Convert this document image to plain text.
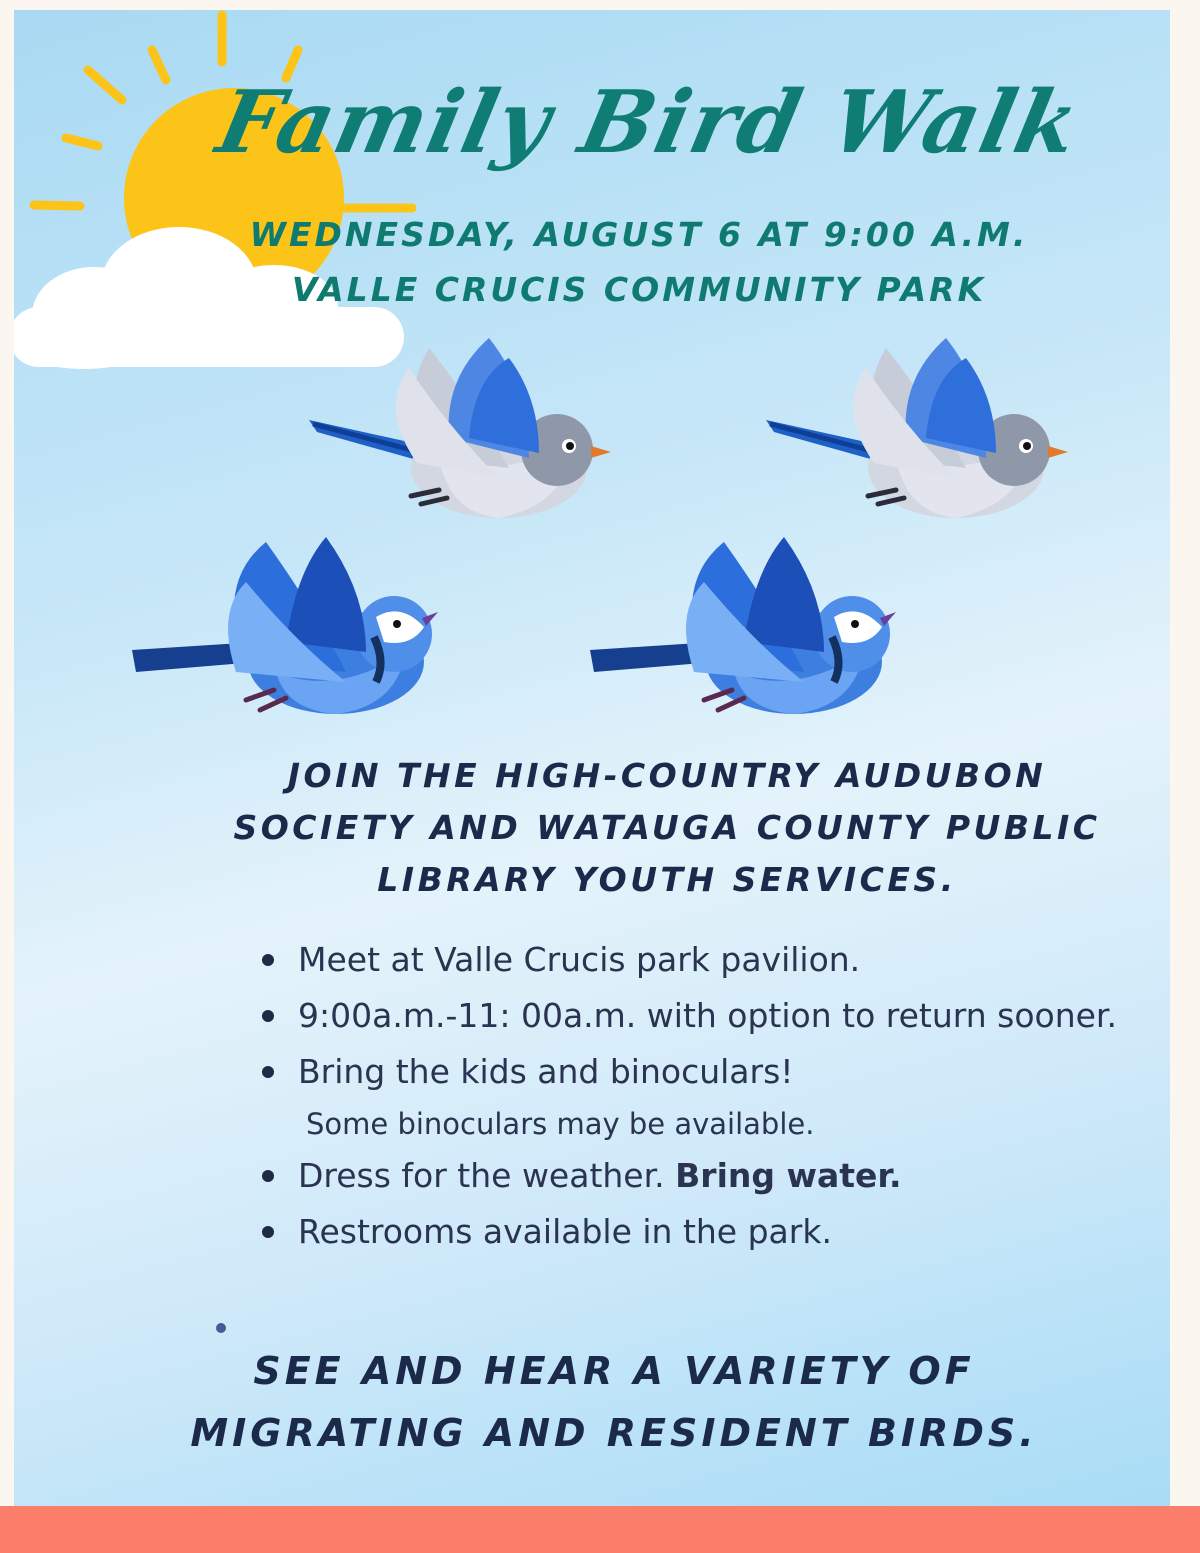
Family Bird Walk
WEDNESDAY, AUGUST 6 AT 9:00 A.M.
VALLE CRUCIS COMMUNITY PARK
JOIN THE HIGH-COUNTRY AUDUBON
SOCIETY AND WATAUGA COUNTY PUBLIC
LIBRARY YOUTH SERVICES.
Meet at Valle Crucis park pavilion.
9:00a.m.-11: 00a.m. with option to return sooner.
Bring the kids and binoculars!
Some binoculars may be available.
Dress for the weather. Bring water.
Restrooms available in the park.
SEE AND HEAR A VARIETY OF
MIGRATING AND RESIDENT BIRDS.
